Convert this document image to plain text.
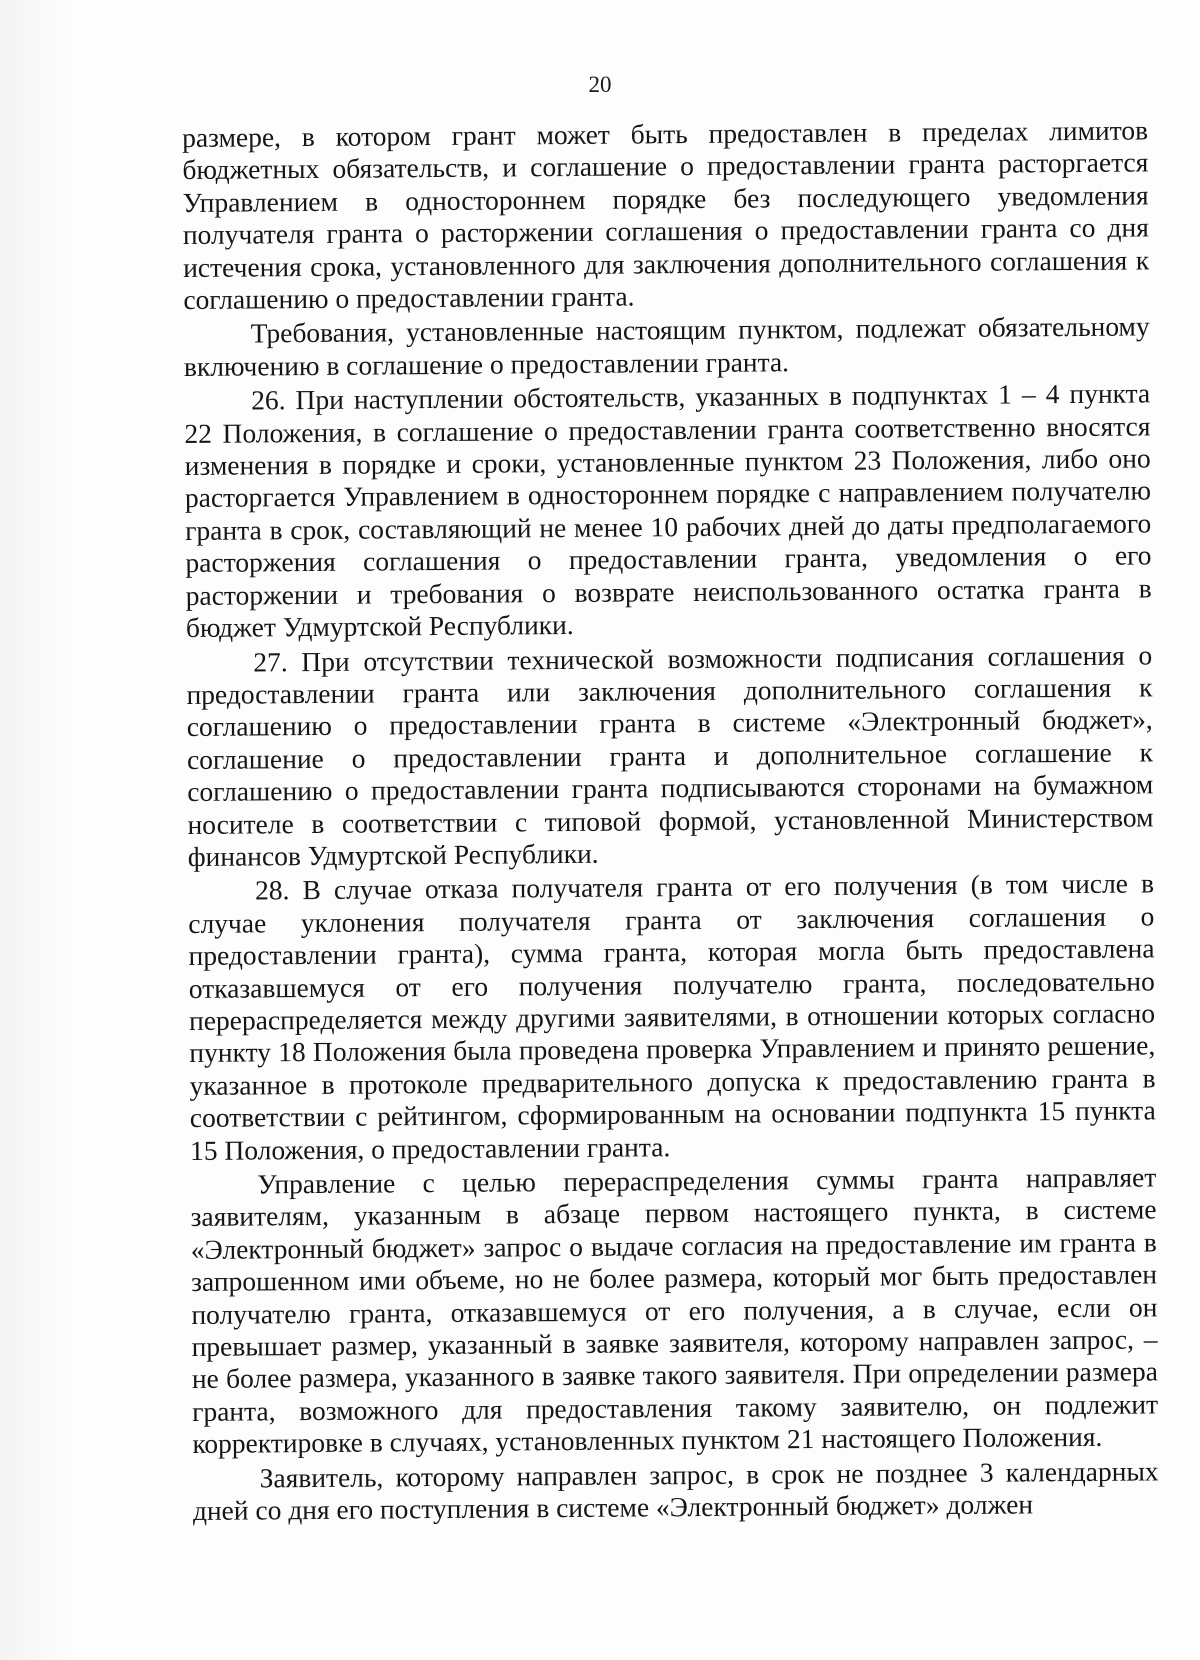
20

размере, в котором грант может быть предоставлен в пределах лимитов бюджетных обязательств, и соглашение о предоставлении гранта расторгается Управлением в одностороннем порядке без последующего уведомления получателя гранта о расторжении соглашения о предоставлении гранта со дня истечения срока, установленного для заключения дополнительного соглашения к соглашению о предоставлении гранта.

Требования, установленные настоящим пунктом, подлежат обязательному включению в соглашение о предоставлении гранта.

26. При наступлении обстоятельств, указанных в подпунктах 1 – 4 пункта 22 Положения, в соглашение о предоставлении гранта соответственно вносятся изменения в порядке и сроки, установленные пунктом 23 Положения, либо оно расторгается Управлением в одностороннем порядке с направлением получателю гранта в срок, составляющий не менее 10 рабочих дней до даты предполагаемого расторжения соглашения о предоставлении гранта, уведомления о его расторжении и требования о возврате неиспользованного остатка гранта в бюджет Удмуртской Республики.

27. При отсутствии технической возможности подписания соглашения о предоставлении гранта или заключения дополнительного соглашения к соглашению о предоставлении гранта в системе «Электронный бюджет», соглашение о предоставлении гранта и дополнительное соглашение к соглашению о предоставлении гранта подписываются сторонами на бумажном носителе в соответствии с типовой формой, установленной Министерством финансов Удмуртской Республики.

28. В случае отказа получателя гранта от его получения (в том числе в случае уклонения получателя гранта от заключения соглашения о предоставлении гранта), сумма гранта, которая могла быть предоставлена отказавшемуся от его получения получателю гранта, последовательно перераспределяется между другими заявителями, в отношении которых согласно пункту 18 Положения была проведена проверка Управлением и принято решение, указанное в протоколе предварительного допуска к предоставлению гранта в соответствии с рейтингом, сформированным на основании подпункта 15 пункта 15 Положения, о предоставлении гранта.

Управление с целью перераспределения суммы гранта направляет заявителям, указанным в абзаце первом настоящего пункта, в системе «Электронный бюджет» запрос о выдаче согласия на предоставление им гранта в запрошенном ими объеме, но не более размера, который мог быть предоставлен получателю гранта, отказавшемуся от его получения, а в случае, если он превышает размер, указанный в заявке заявителя, которому направлен запрос, – не более размера, указанного в заявке такого заявителя. При определении размера гранта, возможного для предоставления такому заявителю, он подлежит корректировке в случаях, установленных пунктом 21 настоящего Положения.

Заявитель, которому направлен запрос, в срок не позднее 3 календарных дней со дня его поступления в системе «Электронный бюджет» должен
